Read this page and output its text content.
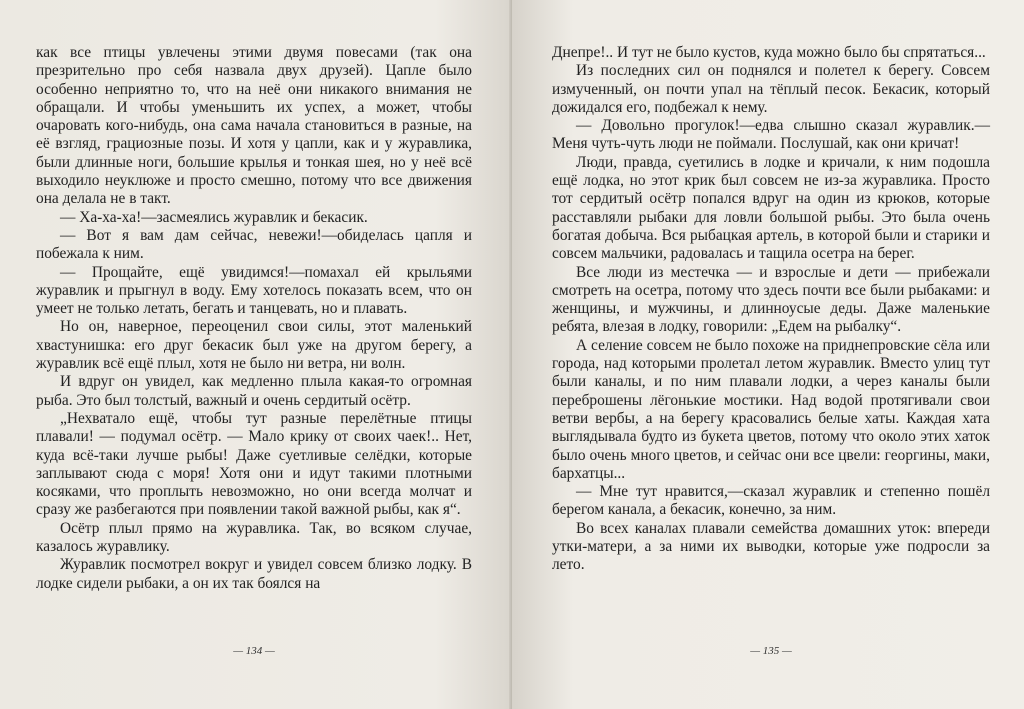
как все птицы увлечены этими двумя повесами (так она презрительно про себя назвала двух друзей). Цапле было особенно неприятно то, что на неё они никакого внимания не обращали. И чтобы уменьшить их успех, а может, чтобы очаровать кого-нибудь, она сама начала становиться в разные, на её взгляд, грациозные позы. И хотя у цапли, как и у журавлика, были длинные ноги, большие крылья и тонкая шея, но у неё всё выходило неуклюже и просто смешно, потому что все движения она делала не в такт.

— Ха-ха-ха!—засмеялись журавлик и бекасик.

— Вот я вам дам сейчас, невежи!—обиделась цапля и побежала к ним.

— Прощайте, ещё увидимся!—помахал ей крыльями журавлик и прыгнул в воду. Ему хотелось показать всем, что он умеет не только летать, бегать и танцевать, но и плавать.

Но он, наверное, переоценил свои силы, этот маленький хвастунишка: его друг бекасик был уже на другом берегу, а журавлик всё ещё плыл, хотя не было ни ветра, ни волн.

И вдруг он увидел, как медленно плыла какая-то огромная рыба. Это был толстый, важный и очень сердитый осётр.

„Нехватало ещё, чтобы тут разные перелётные птицы плавали! — подумал осётр. — Мало крику от своих чаек!.. Нет, куда всё-таки лучше рыбы! Даже суетливые селёдки, которые заплывают сюда с моря! Хотя они и идут такими плотными косяками, что проплыть невозможно, но они всегда молчат и сразу же разбегаются при появлении такой важной рыбы, как я“.

Осётр плыл прямо на журавлика. Так, во всяком случае, казалось журавлику.

Журавлик посмотрел вокруг и увидел совсем близко лодку. В лодке сидели рыбаки, а он их так боялся на

— 134 —

Днепре!.. И тут не было кустов, куда можно было бы спрятаться...

Из последних сил он поднялся и полетел к берегу. Совсем измученный, он почти упал на тёплый песок. Бекасик, который дожидался его, подбежал к нему.

— Довольно прогулок!—едва слышно сказал журавлик.—Меня чуть-чуть люди не поймали. Послушай, как они кричат!

Люди, правда, суетились в лодке и кричали, к ним подошла ещё лодка, но этот крик был совсем не из-за журавлика. Просто тот сердитый осётр попался вдруг на один из крюков, которые расставляли рыбаки для ловли большой рыбы. Это была очень богатая добыча. Вся рыбацкая артель, в которой были и старики и совсем мальчики, радовалась и тащила осетра на берег.

Все люди из местечка — и взрослые и дети — прибежали смотреть на осетра, потому что здесь почти все были рыбаками: и женщины, и мужчины, и длинноусые деды. Даже маленькие ребята, влезая в лодку, говорили: „Едем на рыбалку“.

А селение совсем не было похоже на приднепровские сёла или города, над которыми пролетал летом журавлик. Вместо улиц тут были каналы, и по ним плавали лодки, а через каналы были переброшены лёгонькие мостики. Над водой протягивали свои ветви вербы, а на берегу красовались белые хаты. Каждая хата выглядывала будто из букета цветов, потому что около этих хаток было очень много цветов, и сейчас они все цвели: георгины, маки, бархатцы...

— Мне тут нравится,—сказал журавлик и степенно пошёл берегом канала, а бекасик, конечно, за ним.

Во всех каналах плавали семейства домашних уток: впереди утки-матери, а за ними их выводки, которые уже подросли за лето.

— 135 —
